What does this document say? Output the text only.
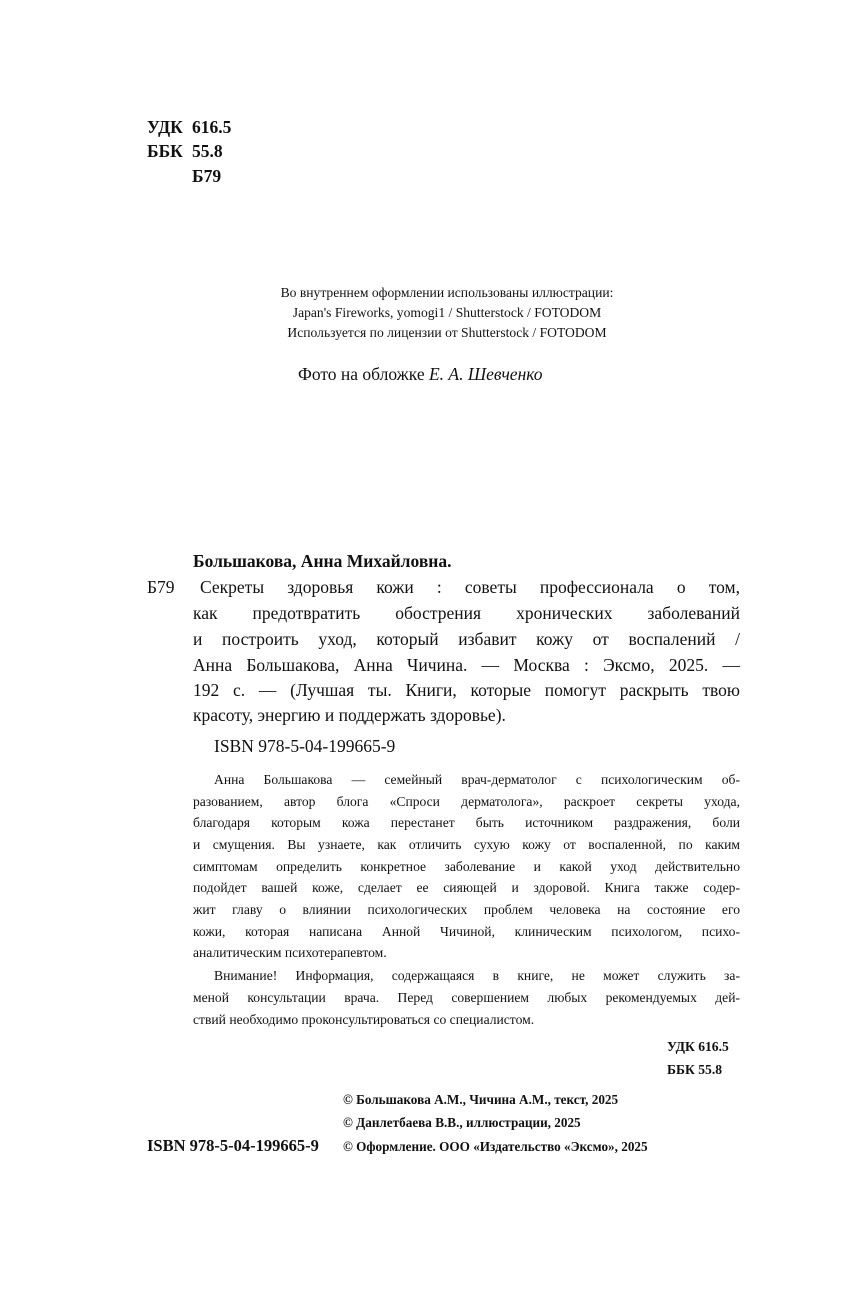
УДК 616.5
ББК 55.8
Б79
Во внутреннем оформлении использованы иллюстрации:
Japan's Fireworks, yomogi1 / Shutterstock / FOTODOM
Используется по лицензии от Shutterstock / FOTODOM
Фото на обложке Е. А. Шевченко
Большакова, Анна Михайловна.
Б79 Секреты здоровья кожи : советы профессионала о том,
как предотвратить обострения хронических заболеваний
и построить уход, который избавит кожу от воспалений /
Анна Большакова, Анна Чичина. — Москва : Эксмо, 2025. —
192 с. — (Лучшая ты. Книги, которые помогут раскрыть твою
красоту, энергию и поддержать здоровье).
ISBN 978-5-04-199665-9
Анна Большакова — семейный врач-дерматолог с психологическим об-
разованием, автор блога «Спроси дерматолога», раскроет секреты ухода,
благодаря которым кожа перестанет быть источником раздражения, боли
и смущения. Вы узнаете, как отличить сухую кожу от воспаленной, по каким
симптомам определить конкретное заболевание и какой уход действительно
подойдет вашей коже, сделает ее сияющей и здоровой. Книга также содер-
жит главу о влиянии психологических проблем человека на состояние его
кожи, которая написана Анной Чичиной, клиническим психологом, психо-
аналитическим психотерапевтом.
Внимание! Информация, содержащаяся в книге, не может служить за-
меной консультации врача. Перед совершением любых рекомендуемых дей-
ствий необходимо проконсультироваться со специалистом.
УДК 616.5
ББК 55.8
© Большакова А.М., Чичина А.М., текст, 2025
© Данлетбаева В.В., иллюстрации, 2025
© Оформление. ООО «Издательство «Эксмо», 2025
ISBN 978-5-04-199665-9
